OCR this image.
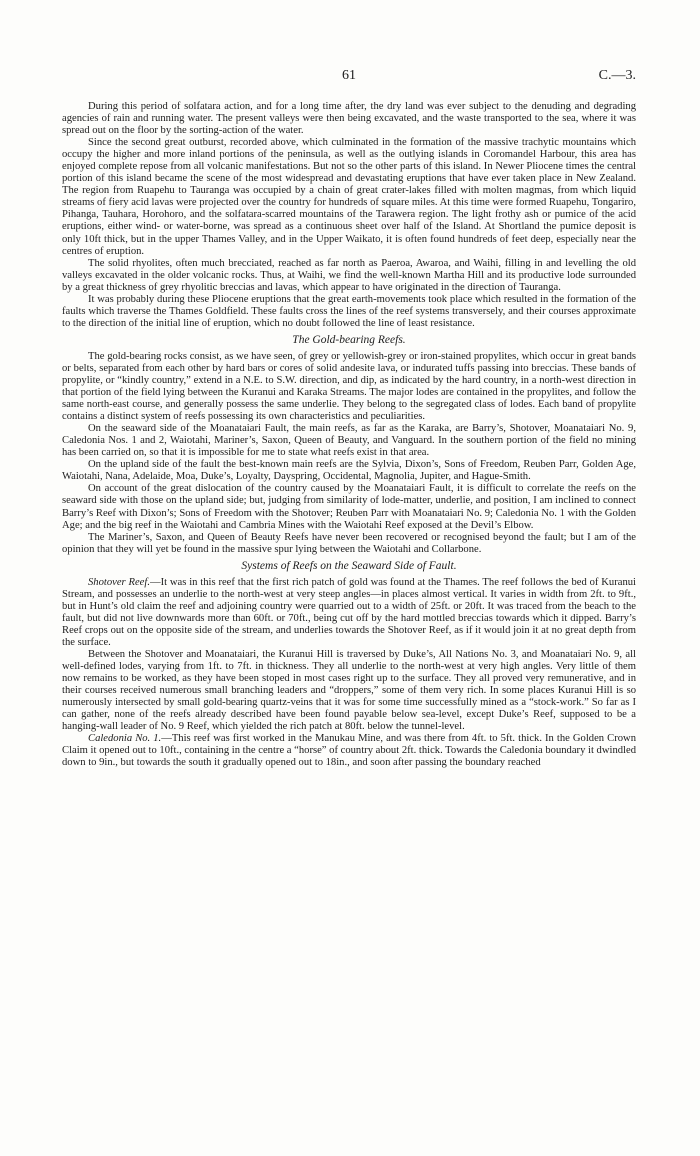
61	C.—3.

During this period of solfatara action, and for a long time after, the dry land was ever subject to the denuding and degrading agencies of rain and running water. The present valleys were then being excavated, and the waste transported to the sea, where it was spread out on the floor by the sorting-action of the water.

Since the second great outburst, recorded above, which culminated in the formation of the massive trachytic mountains which occupy the higher and more inland portions of the peninsula, as well as the outlying islands in Coromandel Harbour, this area has enjoyed complete repose from all volcanic manifestations. But not so the other parts of this island. In Newer Pliocene times the central portion of this island became the scene of the most widespread and devastating eruptions that have ever taken place in New Zealand. The region from Ruapehu to Tauranga was occupied by a chain of great crater-lakes filled with molten magmas, from which liquid streams of fiery acid lavas were projected over the country for hundreds of square miles. At this time were formed Ruapehu, Tongariro, Pihanga, Tauhara, Horohoro, and the solfatara-scarred mountains of the Tarawera region. The light frothy ash or pumice of the acid eruptions, either wind- or water-borne, was spread as a continuous sheet over half of the Island. At Shortland the pumice deposit is only 10ft thick, but in the upper Thames Valley, and in the Upper Waikato, it is often found hundreds of feet deep, especially near the centres of eruption.

The solid rhyolites, often much brecciated, reached as far north as Paeroa, Awaroa, and Waihi, filling in and levelling the old valleys excavated in the older volcanic rocks. Thus, at Waihi, we find the well-known Martha Hill and its productive lode surrounded by a great thickness of grey rhyolitic breccias and lavas, which appear to have originated in the direction of Tauranga.

It was probably during these Pliocene eruptions that the great earth-movements took place which resulted in the formation of the faults which traverse the Thames Goldfield. These faults cross the lines of the reef systems transversely, and their courses approximate to the direction of the initial line of eruption, which no doubt followed the line of least resistance.

The Gold-bearing Reefs.

The gold-bearing rocks consist, as we have seen, of grey or yellowish-grey or iron-stained propylites, which occur in great bands or belts, separated from each other by hard bars or cores of solid andesite lava, or indurated tuffs passing into breccias. These bands of propylite, or “kindly country,” extend in a N.E. to S.W. direction, and dip, as indicated by the hard country, in a north-west direction in that portion of the field lying between the Kuranui and Karaka Streams. The major lodes are contained in the propylites, and follow the same north-east course, and generally possess the same underlie. They belong to the segregated class of lodes. Each band of propylite contains a distinct system of reefs possessing its own characteristics and peculiarities.

On the seaward side of the Moanataiari Fault, the main reefs, as far as the Karaka, are Barry’s, Shotover, Moanataiari No. 9, Caledonia Nos. 1 and 2, Waiotahi, Mariner’s, Saxon, Queen of Beauty, and Vanguard. In the southern portion of the field no mining has been carried on, so that it is impossible for me to state what reefs exist in that area.

On the upland side of the fault the best-known main reefs are the Sylvia, Dixon’s, Sons of Freedom, Reuben Parr, Golden Age, Waiotahi, Nana, Adelaide, Moa, Duke’s, Loyalty, Dayspring, Occidental, Magnolia, Jupiter, and Hague-Smith.

On account of the great dislocation of the country caused by the Moanataiari Fault, it is difficult to correlate the reefs on the seaward side with those on the upland side; but, judging from similarity of lode-matter, underlie, and position, I am inclined to connect Barry’s Reef with Dixon’s; Sons of Freedom with the Shotover; Reuben Parr with Moanataiari No. 9; Caledonia No. 1 with the Golden Age; and the big reef in the Waiotahi and Cambria Mines with the Waiotahi Reef exposed at the Devil’s Elbow.

The Mariner’s, Saxon, and Queen of Beauty Reefs have never been recovered or recognised beyond the fault; but I am of the opinion that they will yet be found in the massive spur lying between the Waiotahi and Collarbone.

Systems of Reefs on the Seaward Side of Fault.

Shotover Reef.—It was in this reef that the first rich patch of gold was found at the Thames. The reef follows the bed of Kuranui Stream, and possesses an underlie to the north-west at very steep angles—in places almost vertical. It varies in width from 2ft. to 9ft., but in Hunt’s old claim the reef and adjoining country were quarried out to a width of 25ft. or 20ft. It was traced from the beach to the fault, but did not live downwards more than 60ft. or 70ft., being cut off by the hard mottled breccias towards which it dipped. Barry’s Reef crops out on the opposite side of the stream, and underlies towards the Shotover Reef, as if it would join it at no great depth from the surface.

Between the Shotover and Moanataiari, the Kuranui Hill is traversed by Duke’s, All Nations No. 3, and Moanataiari No. 9, all well-defined lodes, varying from 1ft. to 7ft. in thickness. They all underlie to the north-west at very high angles. Very little of them now remains to be worked, as they have been stoped in most cases right up to the surface. They all proved very remunerative, and in their courses received numerous small branching leaders and “droppers,” some of them very rich. In some places Kuranui Hill is so numerously intersected by small gold-bearing quartz-veins that it was for some time successfully mined as a “stock-work.” So far as I can gather, none of the reefs already described have been found payable below sea-level, except Duke’s Reef, supposed to be a hanging-wall leader of No. 9 Reef, which yielded the rich patch at 80ft. below the tunnel-level.

Caledonia No. 1.—This reef was first worked in the Manukau Mine, and was there from 4ft. to 5ft. thick. In the Golden Crown Claim it opened out to 10ft., containing in the centre a “horse” of country about 2ft. thick. Towards the Caledonia boundary it dwindled down to 9in., but towards the south it gradually opened out to 18in., and soon after passing the boundary reached
